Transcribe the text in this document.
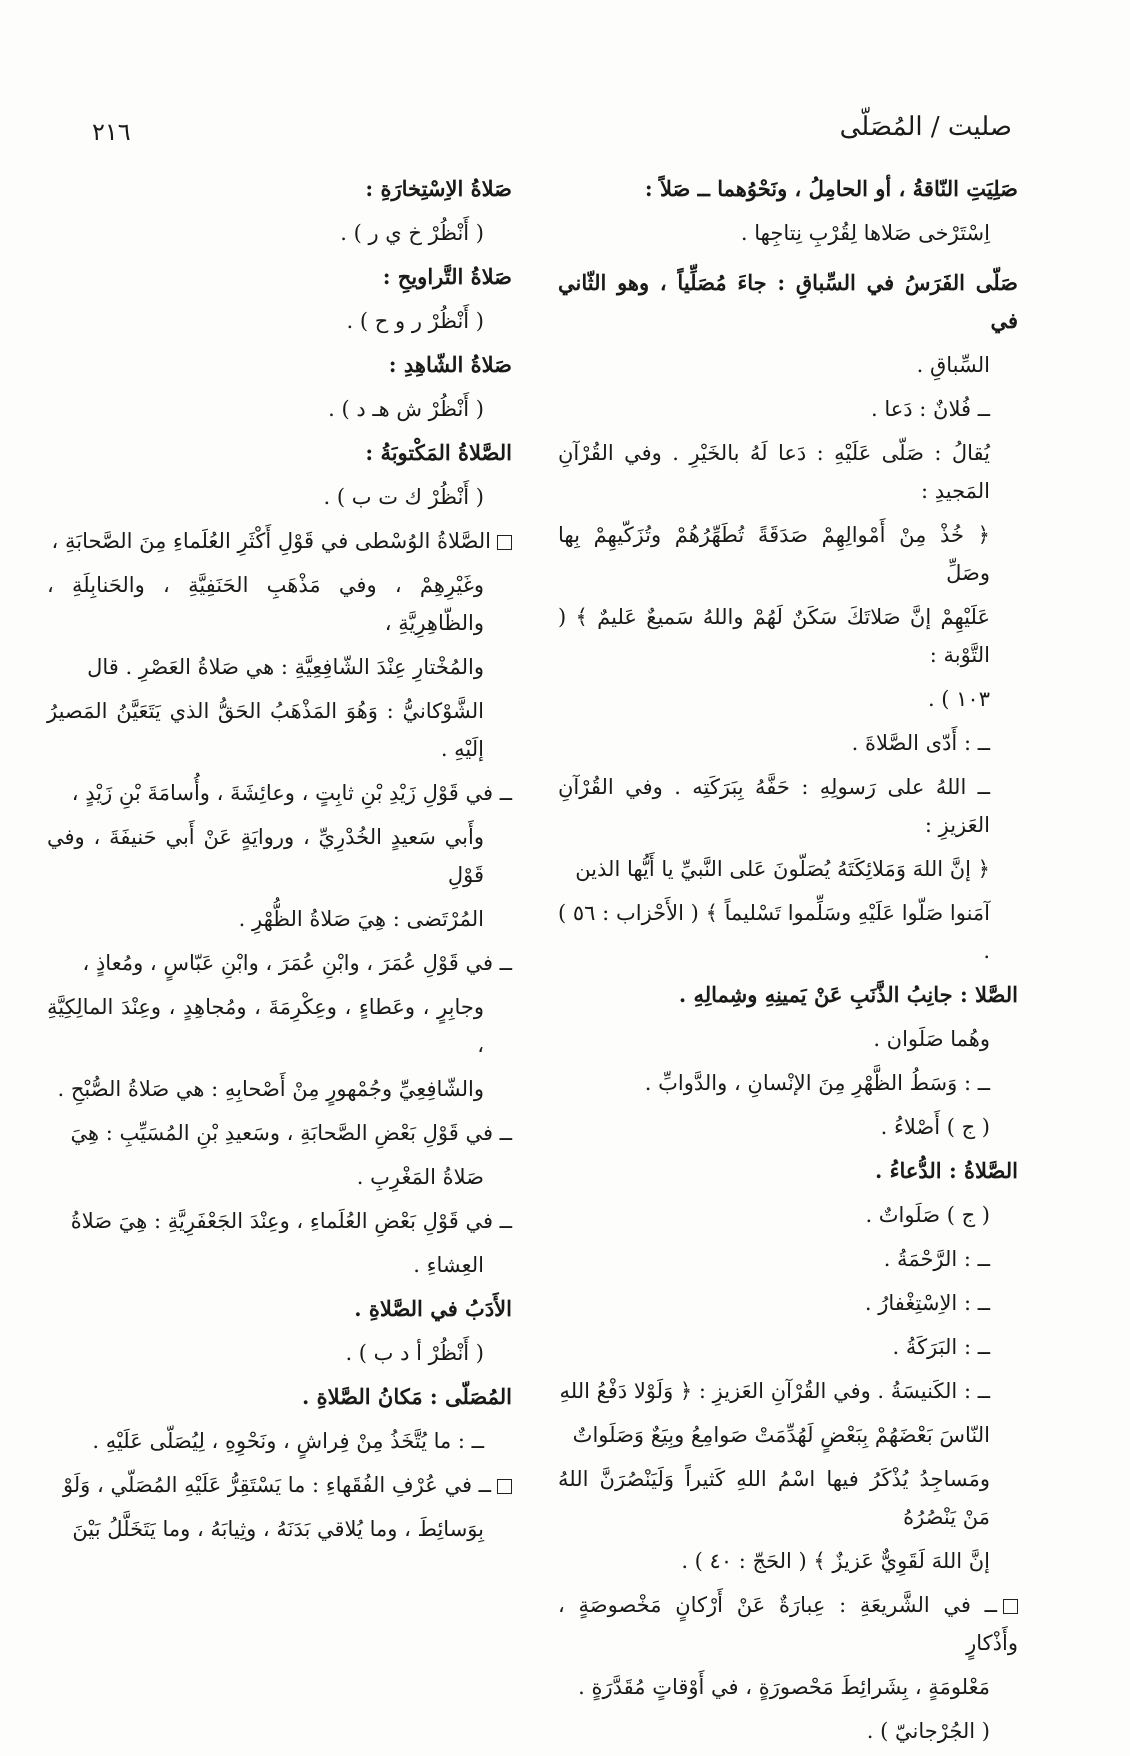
صليت / المُصَلّى
٢١٦
صَلِيَتِ النّاقةُ ، أو الحامِلُ ، ونَحْوُهما ــ صَلاً :
اِسْتَرْخى صَلاها لِقُرْبِ نِتاجِها .
صَلّى الفَرَسُ في السِّباقِ : جاءَ مُصَلِّياً ، وهو الثّاني في
السِّباقِ .
ــ فُلانٌ : دَعا .
يُقالُ : صَلّى عَلَيْهِ : دَعا لَهُ بالخَيْرِ . وفي القُرْآنِ المَجيدِ :
﴿ خُذْ مِنْ أَمْوالِهِمْ صَدَقَةً تُطَهِّرُهُمْ وتُزَكّيهِمْ بِها وصَلِّ
عَلَيْهِمْ إنَّ صَلاتَكَ سَكَنٌ لَهُمْ واللهُ سَميعٌ عَليمٌ ﴾ ( التَّوْبة :
١٠٣ ) .
ــ : أَدّى الصَّلاةَ .
ــ اللهُ على رَسولِهِ : حَفَّهُ بِبَرَكَتِه . وفي القُرْآنِ العَزيزِ :
﴿ إنَّ اللهَ وَمَلائِكَتَهُ يُصَلّونَ عَلى النَّبيِّ يا أَيُّها الذين
آمَنوا صَلّوا عَلَيْهِ وسَلِّموا تَسْليماً ﴾ ( الأَحْزاب : ٥٦ ) .
الصَّلا : جانِبُ الذَّنَبِ عَنْ يَمينِهِ وشِمالِهِ .
وهُما صَلَوان .
ــ : وَسَطُ الظَّهْرِ مِنَ الإنْسانِ ، والدَّوابِّ .
( ج ) أَصْلاءُ .
الصَّلاةُ : الدُّعاءُ .
( ج ) صَلَواتٌ .
ــ : الرَّحْمَةُ .
ــ : الاِسْتِغْفارُ .
ــ : البَرَكَةُ .
ــ : الكَنيسَةُ . وفي القُرْآنِ العَزيزِ : ﴿ وَلَوْلا دَفْعُ اللهِ
النّاسَ بَعْضَهُمْ بِبَعْضٍ لَهُدِّمَتْ صَوامِعُ وبِيَعٌ وَصَلَواتٌ
ومَساجِدُ يُذْكَرُ فيها اسْمُ اللهِ كَثيراً وَلَيَنْصُرَنَّ اللهُ مَنْ يَنْصُرُهُ
إنَّ اللهَ لَقَوِيٌّ عَزيزٌ ﴾ ( الحَجّ : ٤٠ ) .
ــ في الشَّريعَةِ : عِبارَةٌ عَنْ أَرْكانٍ مَخْصوصَةٍ ، وأَذْكارٍ
مَعْلومَةٍ ، بِشَرائِطَ مَحْصورَةٍ ، في أَوْقاتٍ مُقَدَّرَةٍ .
( الجُرْجانيّ ) .
صَلاةُ الاِسْتِخارَةِ :
( أَنْظُرْ خ ي ر ) .
صَلاةُ التَّراويحِ :
( أَنْظُرْ ر و ح ) .
صَلاةُ الشّاهِدِ :
( أَنْظُرْ ش هـ د ) .
الصَّلاةُ المَكْتوبَةُ :
( أَنْظُرْ ك ت ب ) .
الصَّلاةُ الوُسْطى في قَوْلِ أَكْثَرِ العُلَماءِ مِنَ الصَّحابَةِ ،
وغَيْرِهِمْ ، وفي مَذْهَبِ الحَنَفِيَّةِ ، والحَنابِلَةِ ، والظّاهِرِيَّةِ ،
والمُخْتارِ عِنْدَ الشّافِعِيَّةِ : هي صَلاةُ العَصْرِ . قال
الشَّوْكانيُّ : وَهُوَ المَذْهَبُ الحَقُّ الذي يَتَعَيَّنُ المَصيرُ إلَيْهِ .
ــ في قَوْلِ زَيْدِ بْنِ ثابِتٍ ، وعائِشَةَ ، وأُسامَةَ بْنِ زَيْدٍ ،
وأَبي سَعيدٍ الخُدْرِيِّ ، وروايَةٍ عَنْ أَبي حَنيفَةَ ، وفي قَوْلِ
المُرْتَضى : هِيَ صَلاةُ الظُّهْرِ .
ــ في قَوْلِ عُمَرَ ، وابْنِ عُمَرَ ، وابْنِ عَبّاسٍ ، ومُعاذٍ ،
وجابِرٍ ، وعَطاءٍ ، وعِكْرِمَةَ ، ومُجاهِدٍ ، وعِنْدَ المالِكِيَّةِ ،
والشّافِعِيِّ وجُمْهورٍ مِنْ أَصْحابِهِ : هي صَلاةُ الصُّبْحِ .
ــ في قَوْلِ بَعْضِ الصَّحابَةِ ، وسَعيدِ بْنِ المُسَيِّبِ : هِيَ
صَلاةُ المَغْرِبِ .
ــ في قَوْلِ بَعْضِ العُلَماءِ ، وعِنْدَ الجَعْفَرِيَّةِ : هِيَ صَلاةُ
العِشاءِ .
الأَدَبُ في الصَّلاةِ .
( أَنْظُرْ أ د ب ) .
المُصَلّى : مَكانُ الصَّلاةِ .
ــ : ما يُتَّخَذُ مِنْ فِراشٍ ، ونَحْوِهِ ، لِيُصَلّى عَلَيْهِ .
ــ في عُرْفِ الفُقَهاءِ : ما يَسْتَقِرُّ عَلَيْهِ المُصَلّي ، وَلَوْ
بِوَسائِطَ ، وما يُلاقي بَدَنَهُ ، وثِيابَهُ ، وما يَتَخَلَّلُ بَيْنَ
